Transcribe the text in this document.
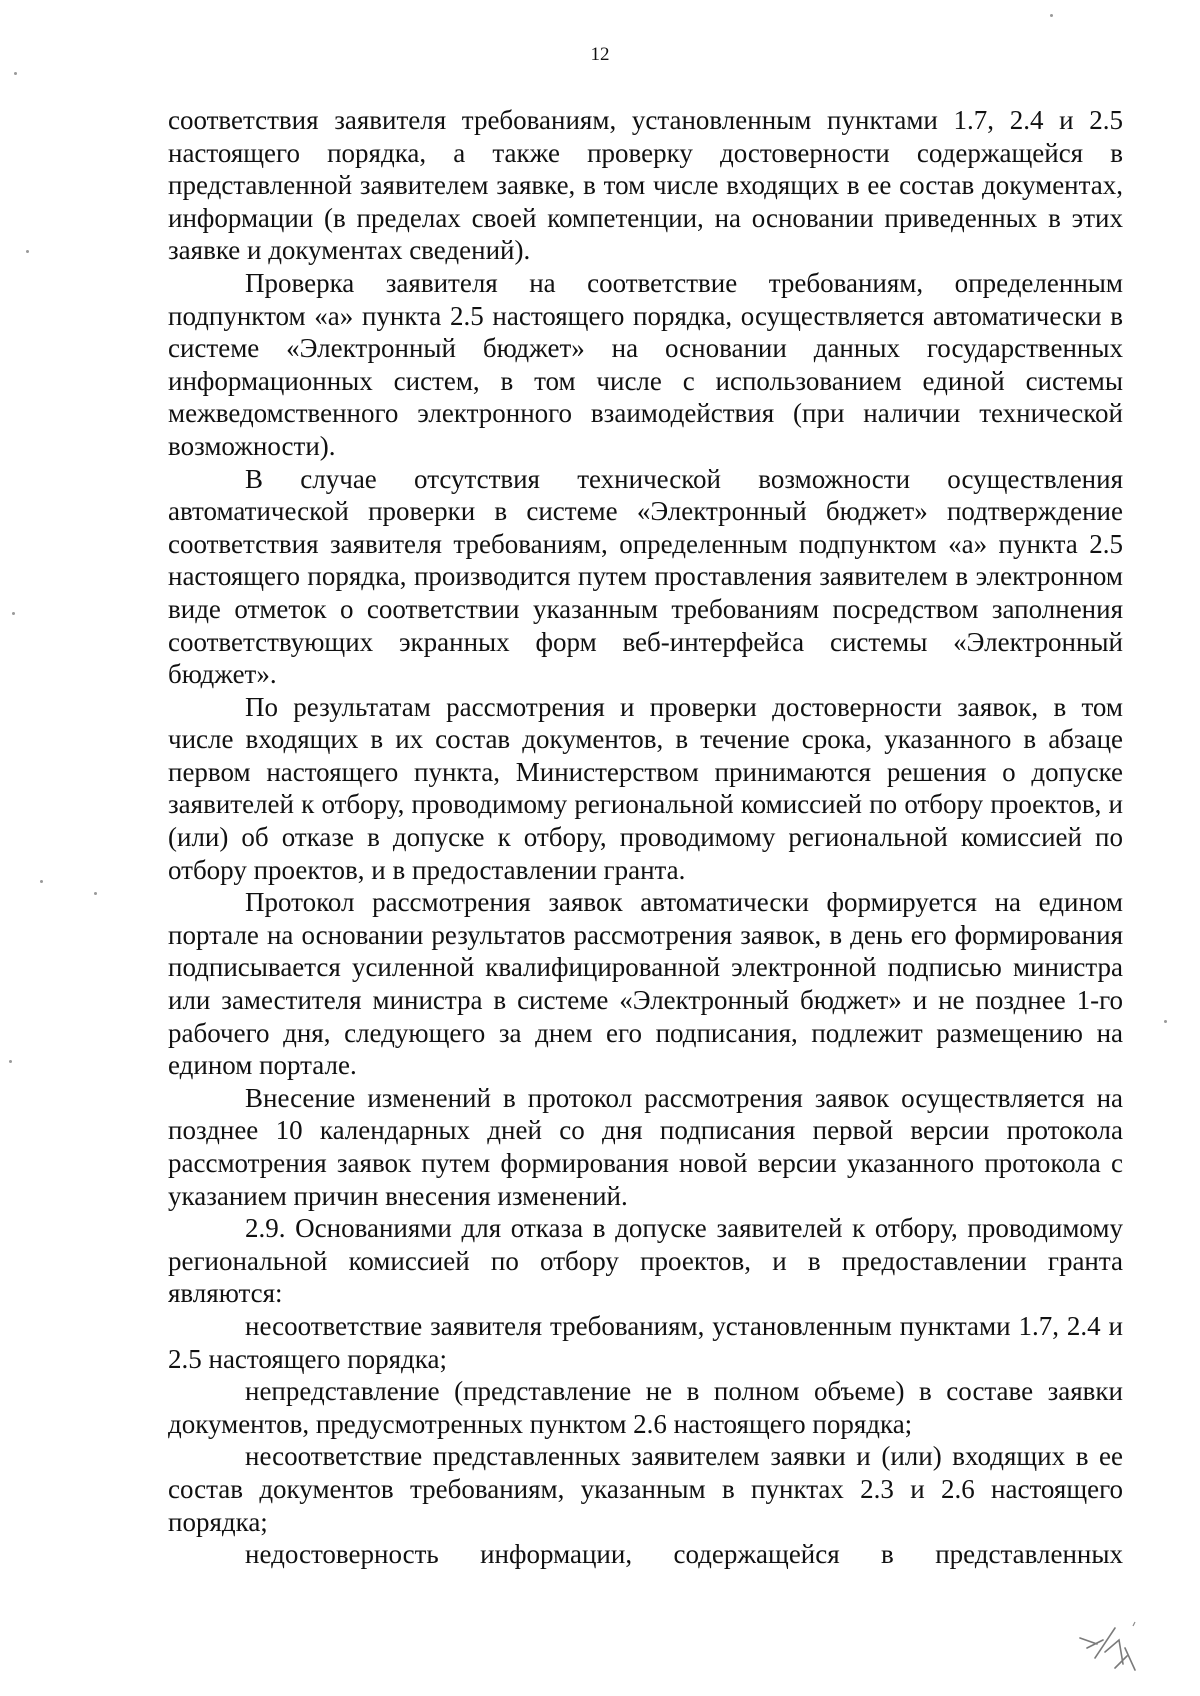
12

соответствия заявителя требованиям, установленным пунктами 1.7, 2.4 и 2.5 настоящего порядка, а также проверку достоверности содержащейся в представленной заявителем заявке, в том числе входящих в ее состав документах, информации (в пределах своей компетенции, на основании приведенных в этих заявке и документах сведений).

Проверка заявителя на соответствие требованиям, определенным подпунктом «а» пункта 2.5 настоящего порядка, осуществляется автоматически в системе «Электронный бюджет» на основании данных государственных информационных систем, в том числе с использованием единой системы межведомственного электронного взаимодействия (при наличии технической возможности).

В случае отсутствия технической возможности осуществления автоматической проверки в системе «Электронный бюджет» подтверждение соответствия заявителя требованиям, определенным подпунктом «а» пункта 2.5 настоящего порядка, производится путем проставления заявителем в электронном виде отметок о соответствии указанным требованиям посредством заполнения соответствующих экранных форм веб-интерфейса системы «Электронный бюджет».

По результатам рассмотрения и проверки достоверности заявок, в том числе входящих в их состав документов, в течение срока, указанного в абзаце первом настоящего пункта, Министерством принимаются решения о допуске заявителей к отбору, проводимому региональной комиссией по отбору проектов, и (или) об отказе в допуске к отбору, проводимому региональной комиссией по отбору проектов, и в предоставлении гранта.

Протокол рассмотрения заявок автоматически формируется на едином портале на основании результатов рассмотрения заявок, в день его формирования подписывается усиленной квалифицированной электронной подписью министра или заместителя министра в системе «Электронный бюджет» и не позднее 1-го рабочего дня, следующего за днем его подписания, подлежит размещению на едином портале.

Внесение изменений в протокол рассмотрения заявок осуществляется на позднее 10 календарных дней со дня подписания первой версии протокола рассмотрения заявок путем формирования новой версии указанного протокола с указанием причин внесения изменений.

2.9. Основаниями для отказа в допуске заявителей к отбору, проводимому региональной комиссией по отбору проектов, и в предоставлении гранта являются:

несоответствие заявителя требованиям, установленным пунктами 1.7, 2.4 и 2.5 настоящего порядка;

непредставление (представление не в полном объеме) в составе заявки документов, предусмотренных пунктом 2.6 настоящего порядка;

несоответствие представленных заявителем заявки и (или) входящих в ее состав документов требованиям, указанным в пунктах 2.3 и 2.6 настоящего порядка;

недостоверность информации, содержащейся в представленных
